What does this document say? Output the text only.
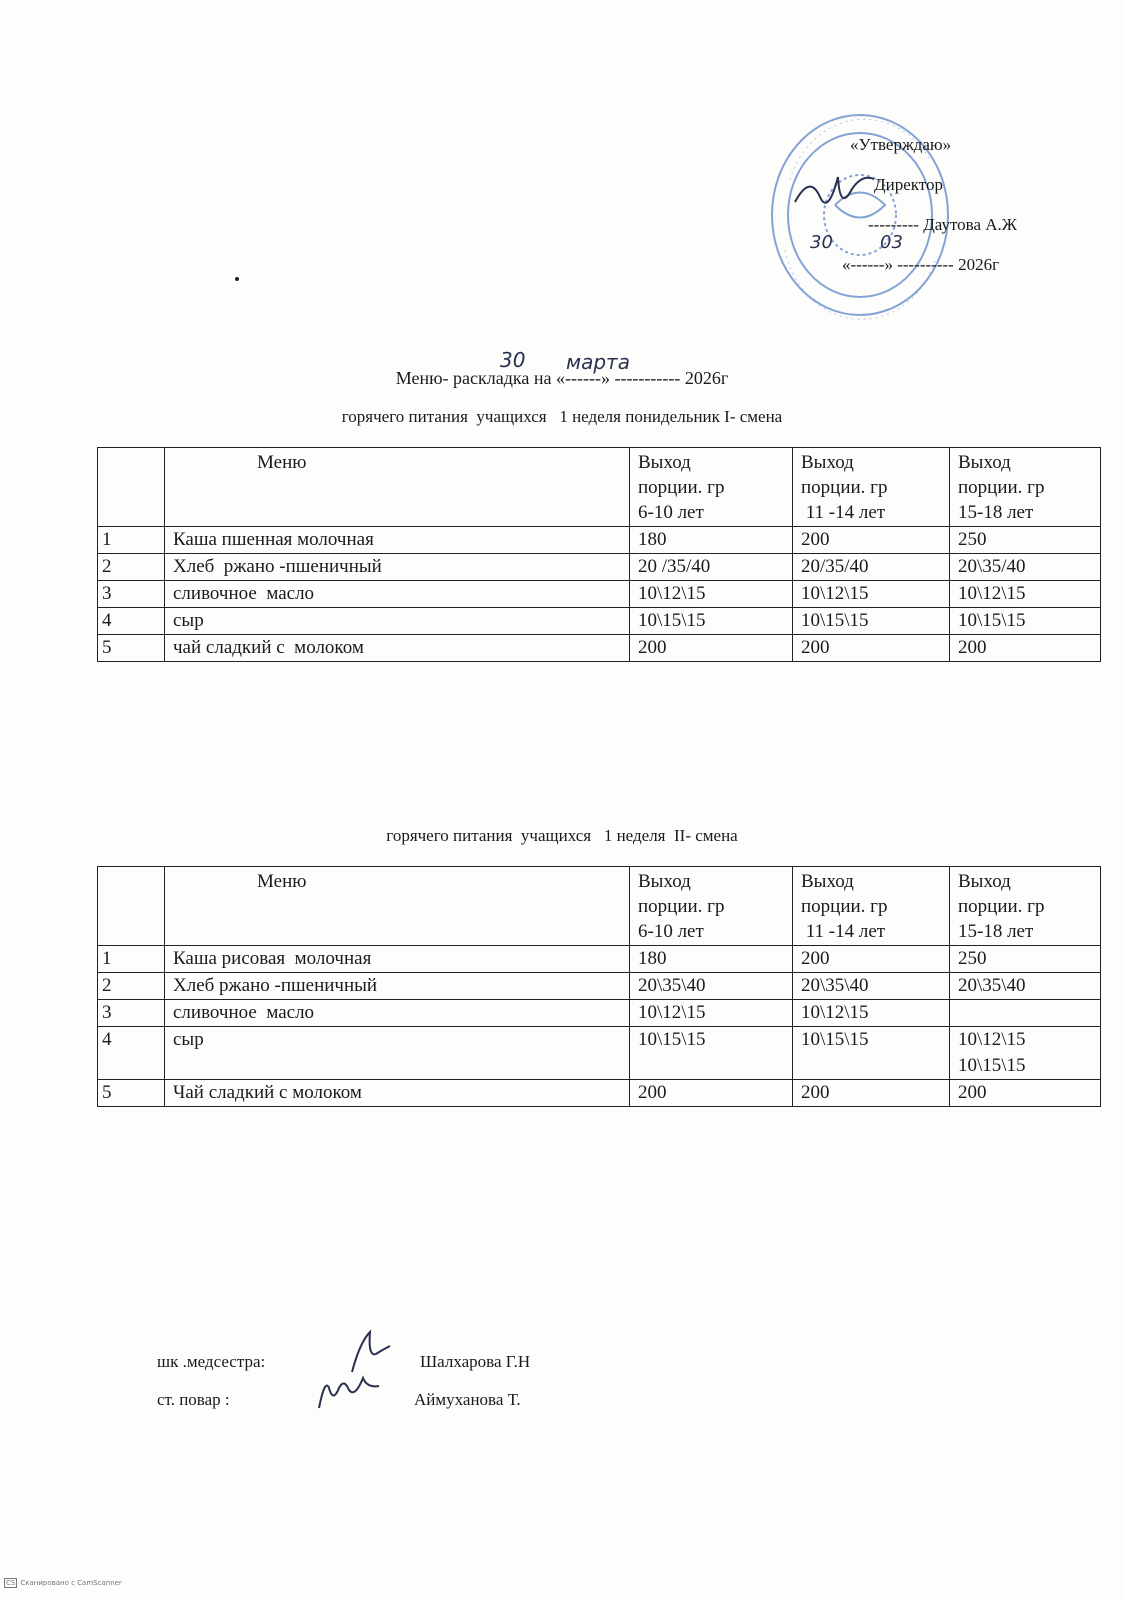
«Утверждаю»
Директор
--------- Даутова А.Ж
«------» ---------- 2026г
30	03
Меню- раскладка на «------» ----------- 2026г
30 марта
горячего питания  учащихся   1 неделя понидельник I- смена
	Меню	Выход
порции. гр
6-10 лет	Выход
порции. гр
11 -14 лет	Выход
порции. гр
15-18 лет
1	Каша пшенная молочная	180	200	250
2	Хлеб  ржано -пшеничный	20 /35/40	20/35/40	20\35/40
3	сливочное  масло	10\12\15	10\12\15	10\12\15
4	сыр	10\15\15	10\15\15	10\15\15
5	чай сладкий с  молоком	200	200	200
горячего питания  учащихся   1 неделя  II- смена
	Меню	Выход
порции. гр
6-10 лет	Выход
порции. гр
11 -14 лет	Выход
порции. гр
15-18 лет
1	Каша рисовая  молочная	180	200	250
2	Хлеб ржано -пшеничный	20\35\40	20\35\40	20\35\40
3	сливочное  масло	10\12\15	10\12\15	
4	сыр	10\15\15	10\15\15	10\12\15
10\15\15
5	Чай сладкий с молоком	200	200	200
шк .медсестра:	Шалхарова Г.Н
ст. повар :	Аймуханова Т.
CS Сканировано с CamScanner
